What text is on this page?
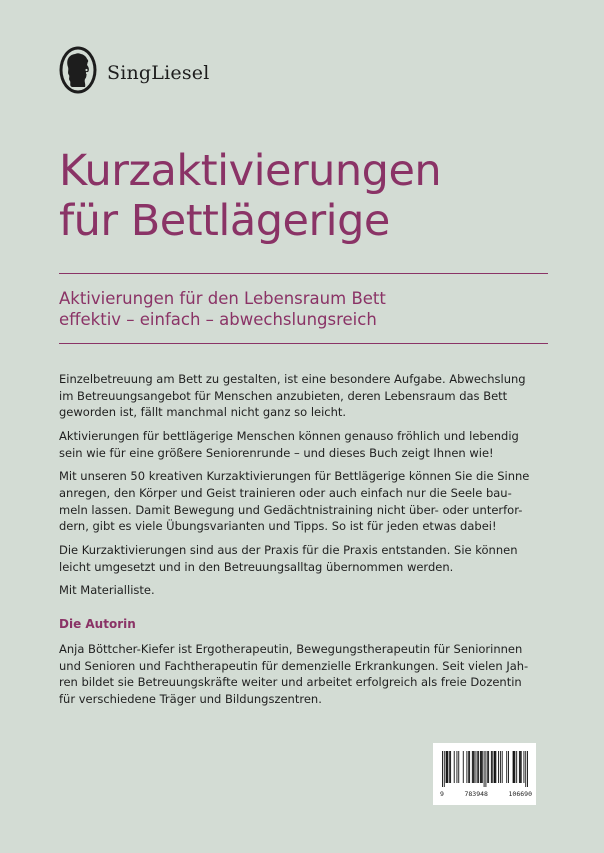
SingLiesel
Kurzaktivierungen
für Bettlägerige
Aktivierungen für den Lebensraum Bett
effektiv – einfach – abwechslungsreich

Einzelbetreuung am Bett zu gestalten, ist eine besondere Aufgabe. Abwechslung
im Betreuungsangebot für Menschen anzubieten, deren Lebensraum das Bett
geworden ist, fällt manchmal nicht ganz so leicht.

Aktivierungen für bettlägerige Menschen können genauso fröhlich und lebendig
sein wie für eine größere Seniorenrunde – und dieses Buch zeigt Ihnen wie!

Mit unseren 50 kreativen Kurzaktivierungen für Bettlägerige können Sie die Sinne
anregen, den Körper und Geist trainieren oder auch einfach nur die Seele bau-
meln lassen. Damit Bewegung und Gedächtnistraining nicht über- oder unterfor-
dern, gibt es viele Übungsvarianten und Tipps. So ist für jeden etwas dabei!

Die Kurzaktivierungen sind aus der Praxis für die Praxis entstanden. Sie können
leicht umgesetzt und in den Betreuungsalltag übernommen werden.

Mit Materialliste.

Die Autorin

Anja Böttcher-Kiefer ist Ergotherapeutin, Bewegungstherapeutin für Seniorinnen
und Senioren und Fachtherapeutin für demenzielle Erkrankungen. Seit vielen Jah-
ren bildet sie Betreuungskräfte weiter und arbeitet erfolgreich als freie Dozentin
für verschiedene Träger und Bildungszentren.

9	783948	106690
